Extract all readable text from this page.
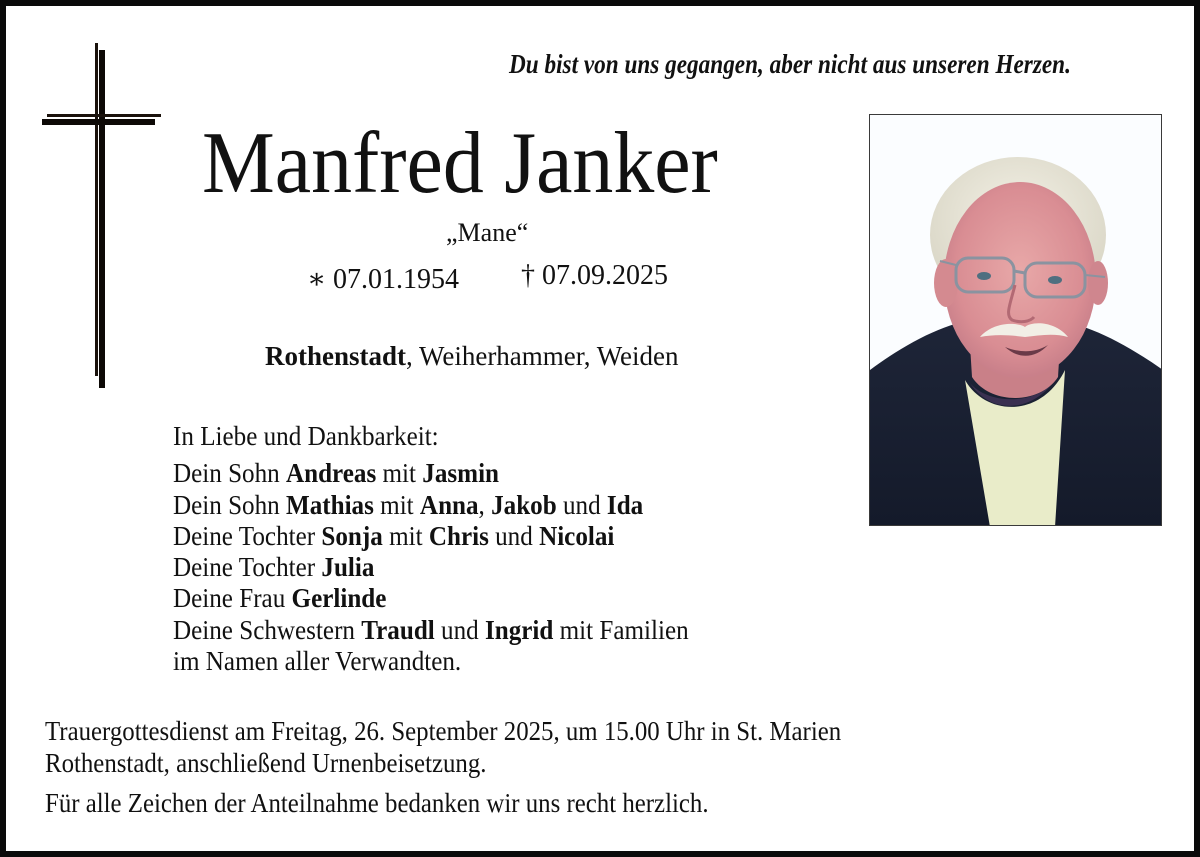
Du bist von uns gegangen, aber nicht aus unseren Herzen.
Manfred Janker
„Mane“
∗ 07.01.1954 † 07.09.2025
Rothenstadt, Weiherhammer, Weiden
In Liebe und Dankbarkeit:
Dein Sohn Andreas mit Jasmin
Dein Sohn Mathias mit Anna, Jakob und Ida
Deine Tochter Sonja mit Chris und Nicolai
Deine Tochter Julia
Deine Frau Gerlinde
Deine Schwestern Traudl und Ingrid mit Familien
im Namen aller Verwandten.
Trauergottesdienst am Freitag, 26. September 2025, um 15.00 Uhr in St. Marien
Rothenstadt, anschließend Urnenbeisetzung.
Für alle Zeichen der Anteilnahme bedanken wir uns recht herzlich.
